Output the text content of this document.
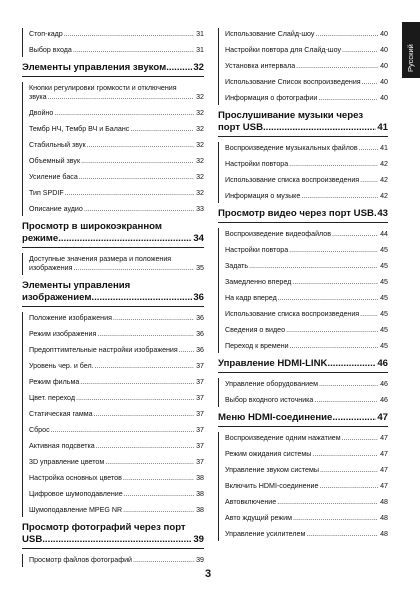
Русский
Стоп-кадр .....	31
Выбор входа .....	31
Элементы управления звуком .....	32
Кнопки регулировки громкости и отключения звука .....	32
Двойно .....	32
Тембр НЧ, Тембр ВЧ и Баланс .....	32
Стабильный звук .....	32
Объемный звук .....	32
Усиление баса .....	32
Тип SPDIF .....	32
Описание аудио .....	33
Просмотр в широкоэкранном режиме .....	34
Доступные значения размера и положения изображения .....	35
Элементы управления изображением .....	36
Положение изображения .....	36
Режим изображения .....	36
Предопттимтельные настройки изображения .....	36
Уровень чер. и бел. .....	37
Режим фильма .....	37
Цвет. переход .....	37
Статическая гамма .....	37
Сброс .....	37
Активная подсветка .....	37
3D управление цветом .....	37
Настройка основных цветов .....	38
Цифровое шумоподавление .....	38
Шумоподавление MPEG NR .....	38
Просмотр фотографий через порт USB .....	39
Просмотр файлов фотографий .....	39
Использование Слайд-шоу .....	40
Настройки повтора для Слайд-шоу .....	40
Установка интервала .....	40
Использование Список воспроизведения .....	40
Информация о фотографии .....	40
Прослушивание музыки через порт USB .....	41
Воспроизведение музыкальных файлов .....	41
Настройки повтора .....	42
Использование списка воспроизведения .....	42
Информация о музыке .....	42
Просмотр видео через порт USB ..... 43
Воспроизведение видеофайлов .....	44
Настройки повтора .....	45
Задать .....	45
Замедленно вперед .....	45
На кадр вперед .....	45
Использование списка воспроизведения .....	45
Сведения о видео .....	45
Переход к времени .....	45
Управление HDMI-LINK .....	46
Управление оборудованием .....	46
Выбор входного источника .....	46
Меню HDMI-соединение .....	47
Воспроизведение одним нажатием .....	47
Режим ожидания системы .....	47
Управление звуком системы .....	47
Включить HDMI-соединение .....	47
Автовключение .....	48
Авто ждущий режим .....	48
Управление усилителем .....	48
3
